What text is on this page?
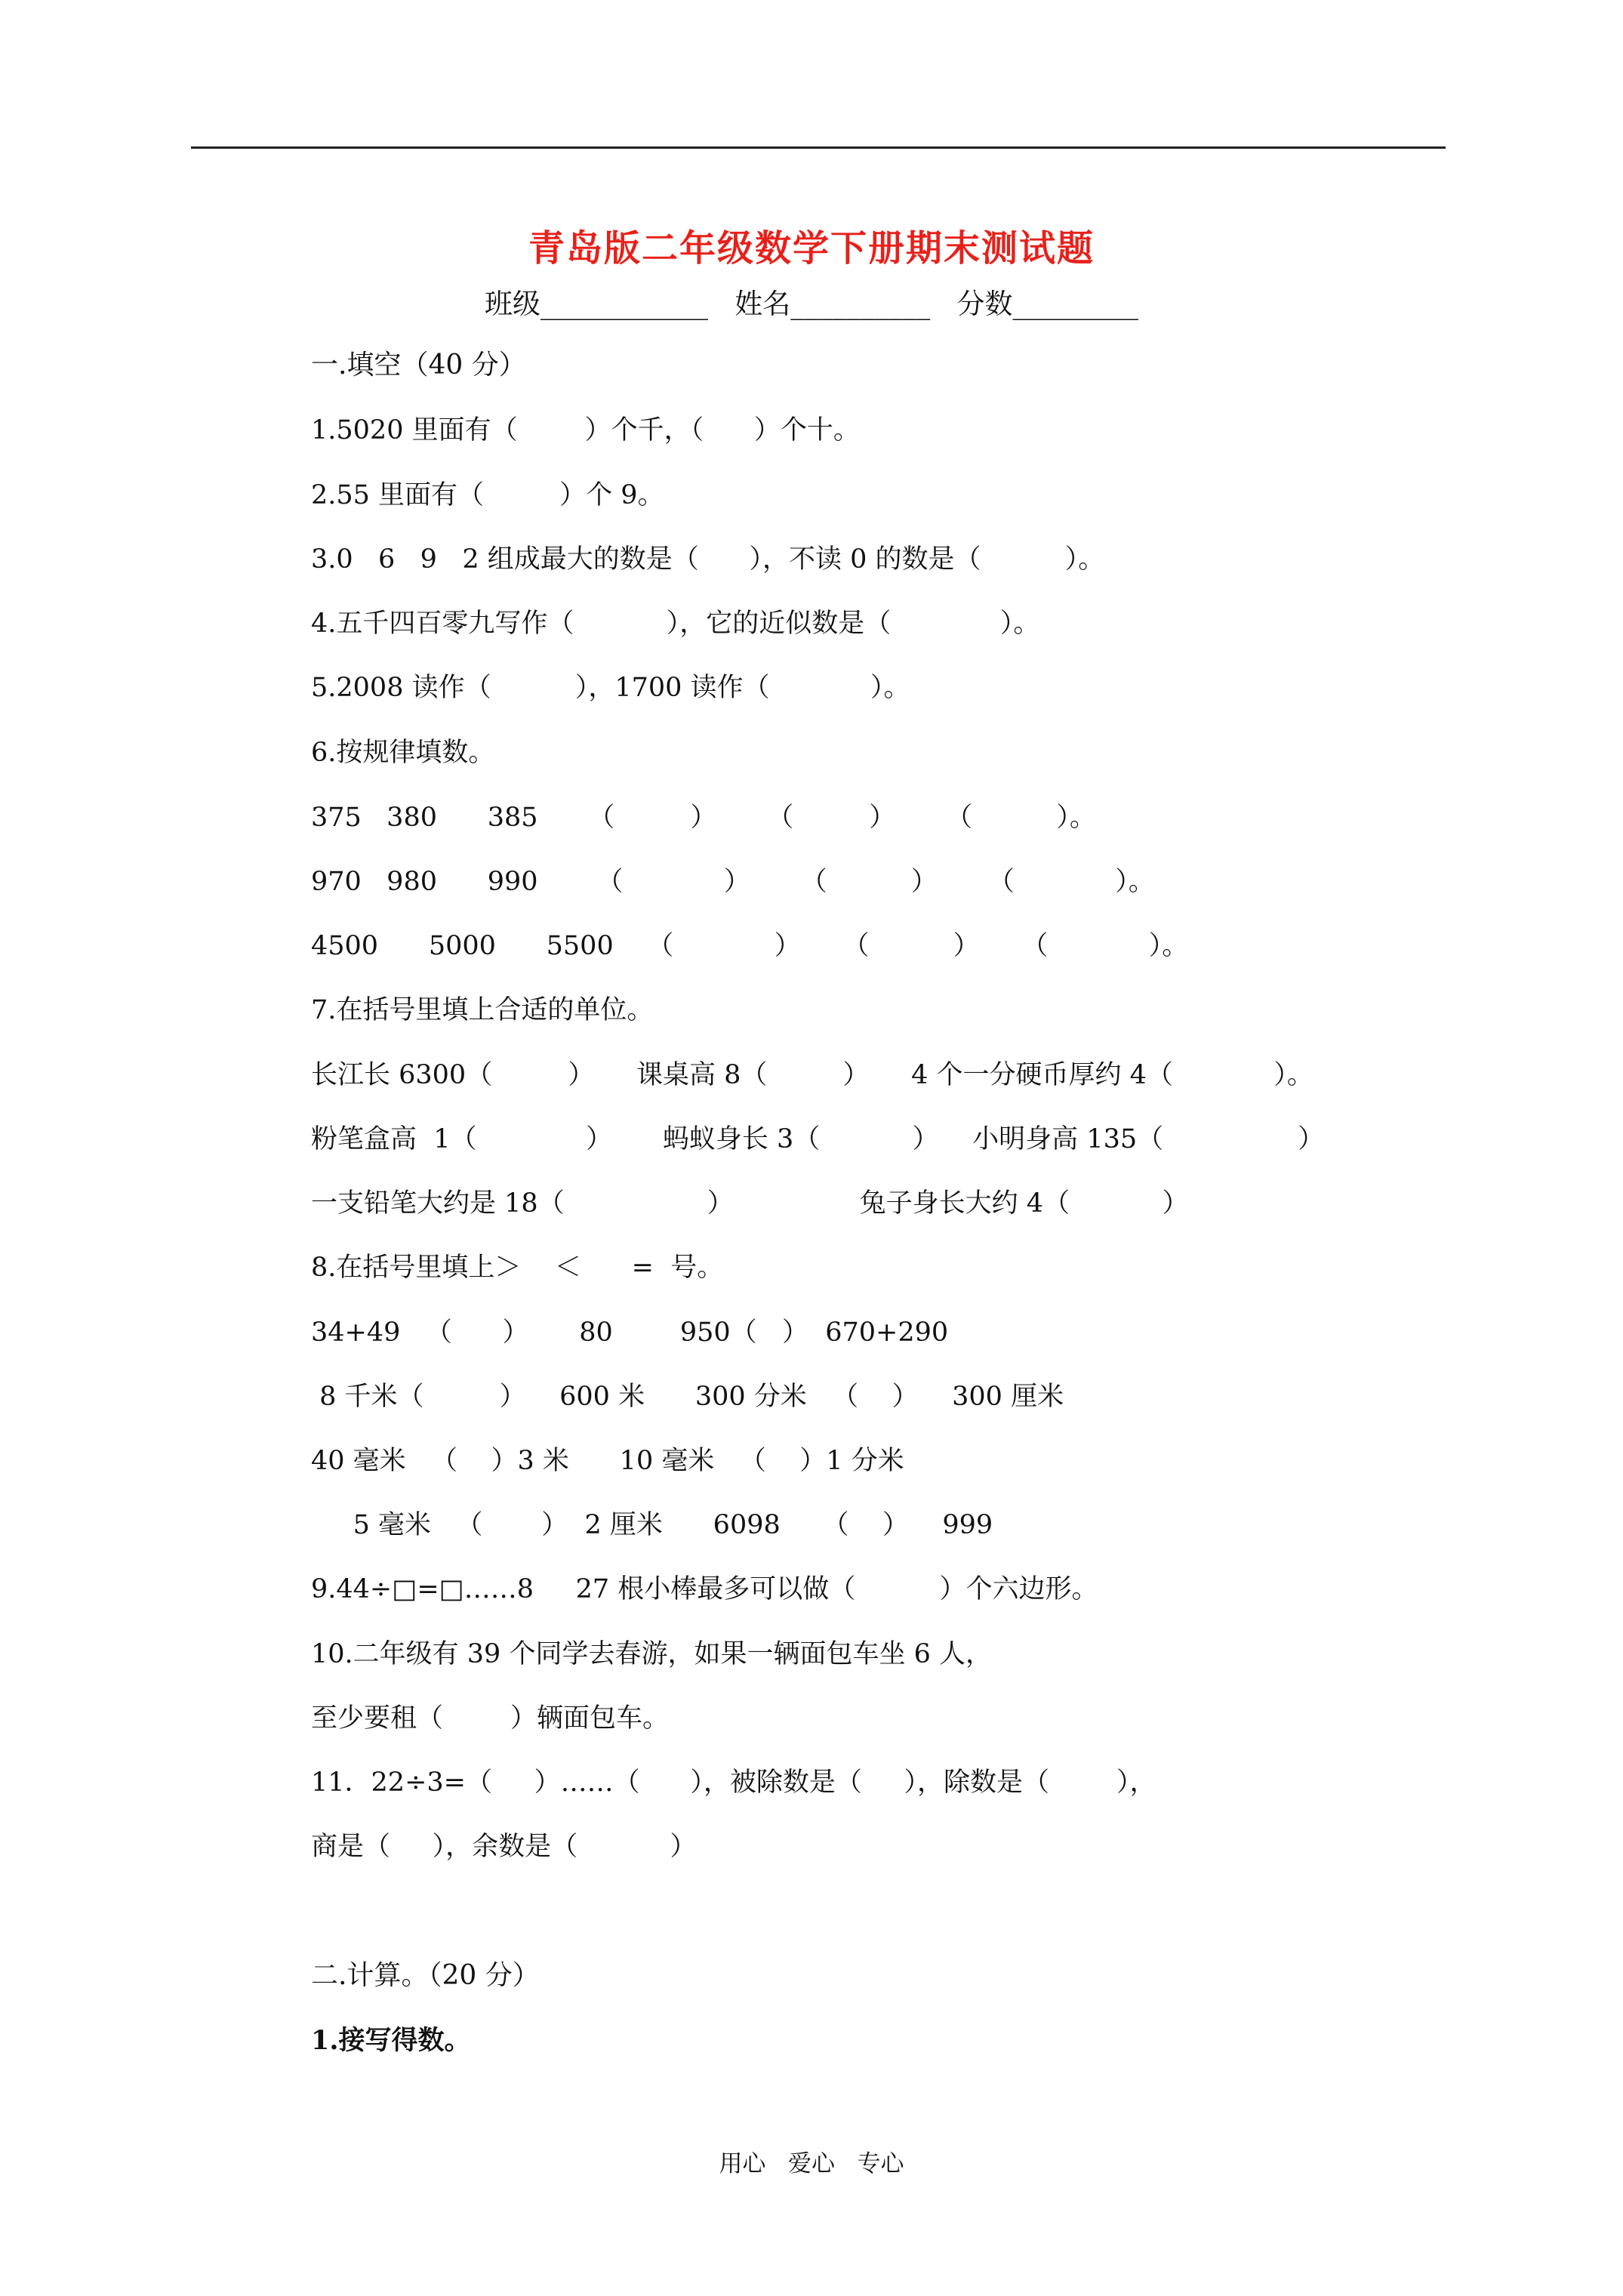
青岛版二年级数学下册期末测试题
班级____________   姓名__________   分数_________
一.填空（40 分）
1.5020 里面有（        ）个千，（      ）个十。
2.55 里面有（         ）个 9。
3.0   6   9   2 组成最大的数是（      ），不读 0 的数是（          ）。
4.五千四百零九写作（           ），它的近似数是（             ）。
5.2008 读作（          ），1700 读作（            ）。
6.按规律填数。
375   380      385      （         ）      （         ）      （          ）。
970   980      990       （            ）      （          ）      （            ）。
4500      5000      5500    （            ）     （          ）     （            ）。
7.在括号里填上合适的单位。
长江长 6300（         ）     课桌高 8（         ）     4 个一分硬币厚约 4（            ）。
粉笔盒高  1（             ）      蚂蚁身长 3（           ）    小明身高 135（                ）
一支铅笔大约是 18（                 ）               兔子身长大约 4（           ）
8.在括号里填上＞    ＜      =  号。
34+49   （      ）      80        950（   ）  670+290
8 千米（         ）    600 米      300 分米   （    ）    300 厘米
40 毫米   （    ）3 米      10 毫米   （    ）1 分米
5 毫米   （       ）  2 厘米      6098     （    ）    999
9.44÷□=□……8     27 根小棒最多可以做（          ）个六边形。
10.二年级有 39 个同学去春游，如果一辆面包车坐 6 人，
至少要租（        ）辆面包车。
11．22÷3=（     ）……（      ），被除数是（     ），除数是（        ），
商是（     ），余数是（           ）
二.计算。（20 分）
1.接写得数。
用心   爱心   专心
